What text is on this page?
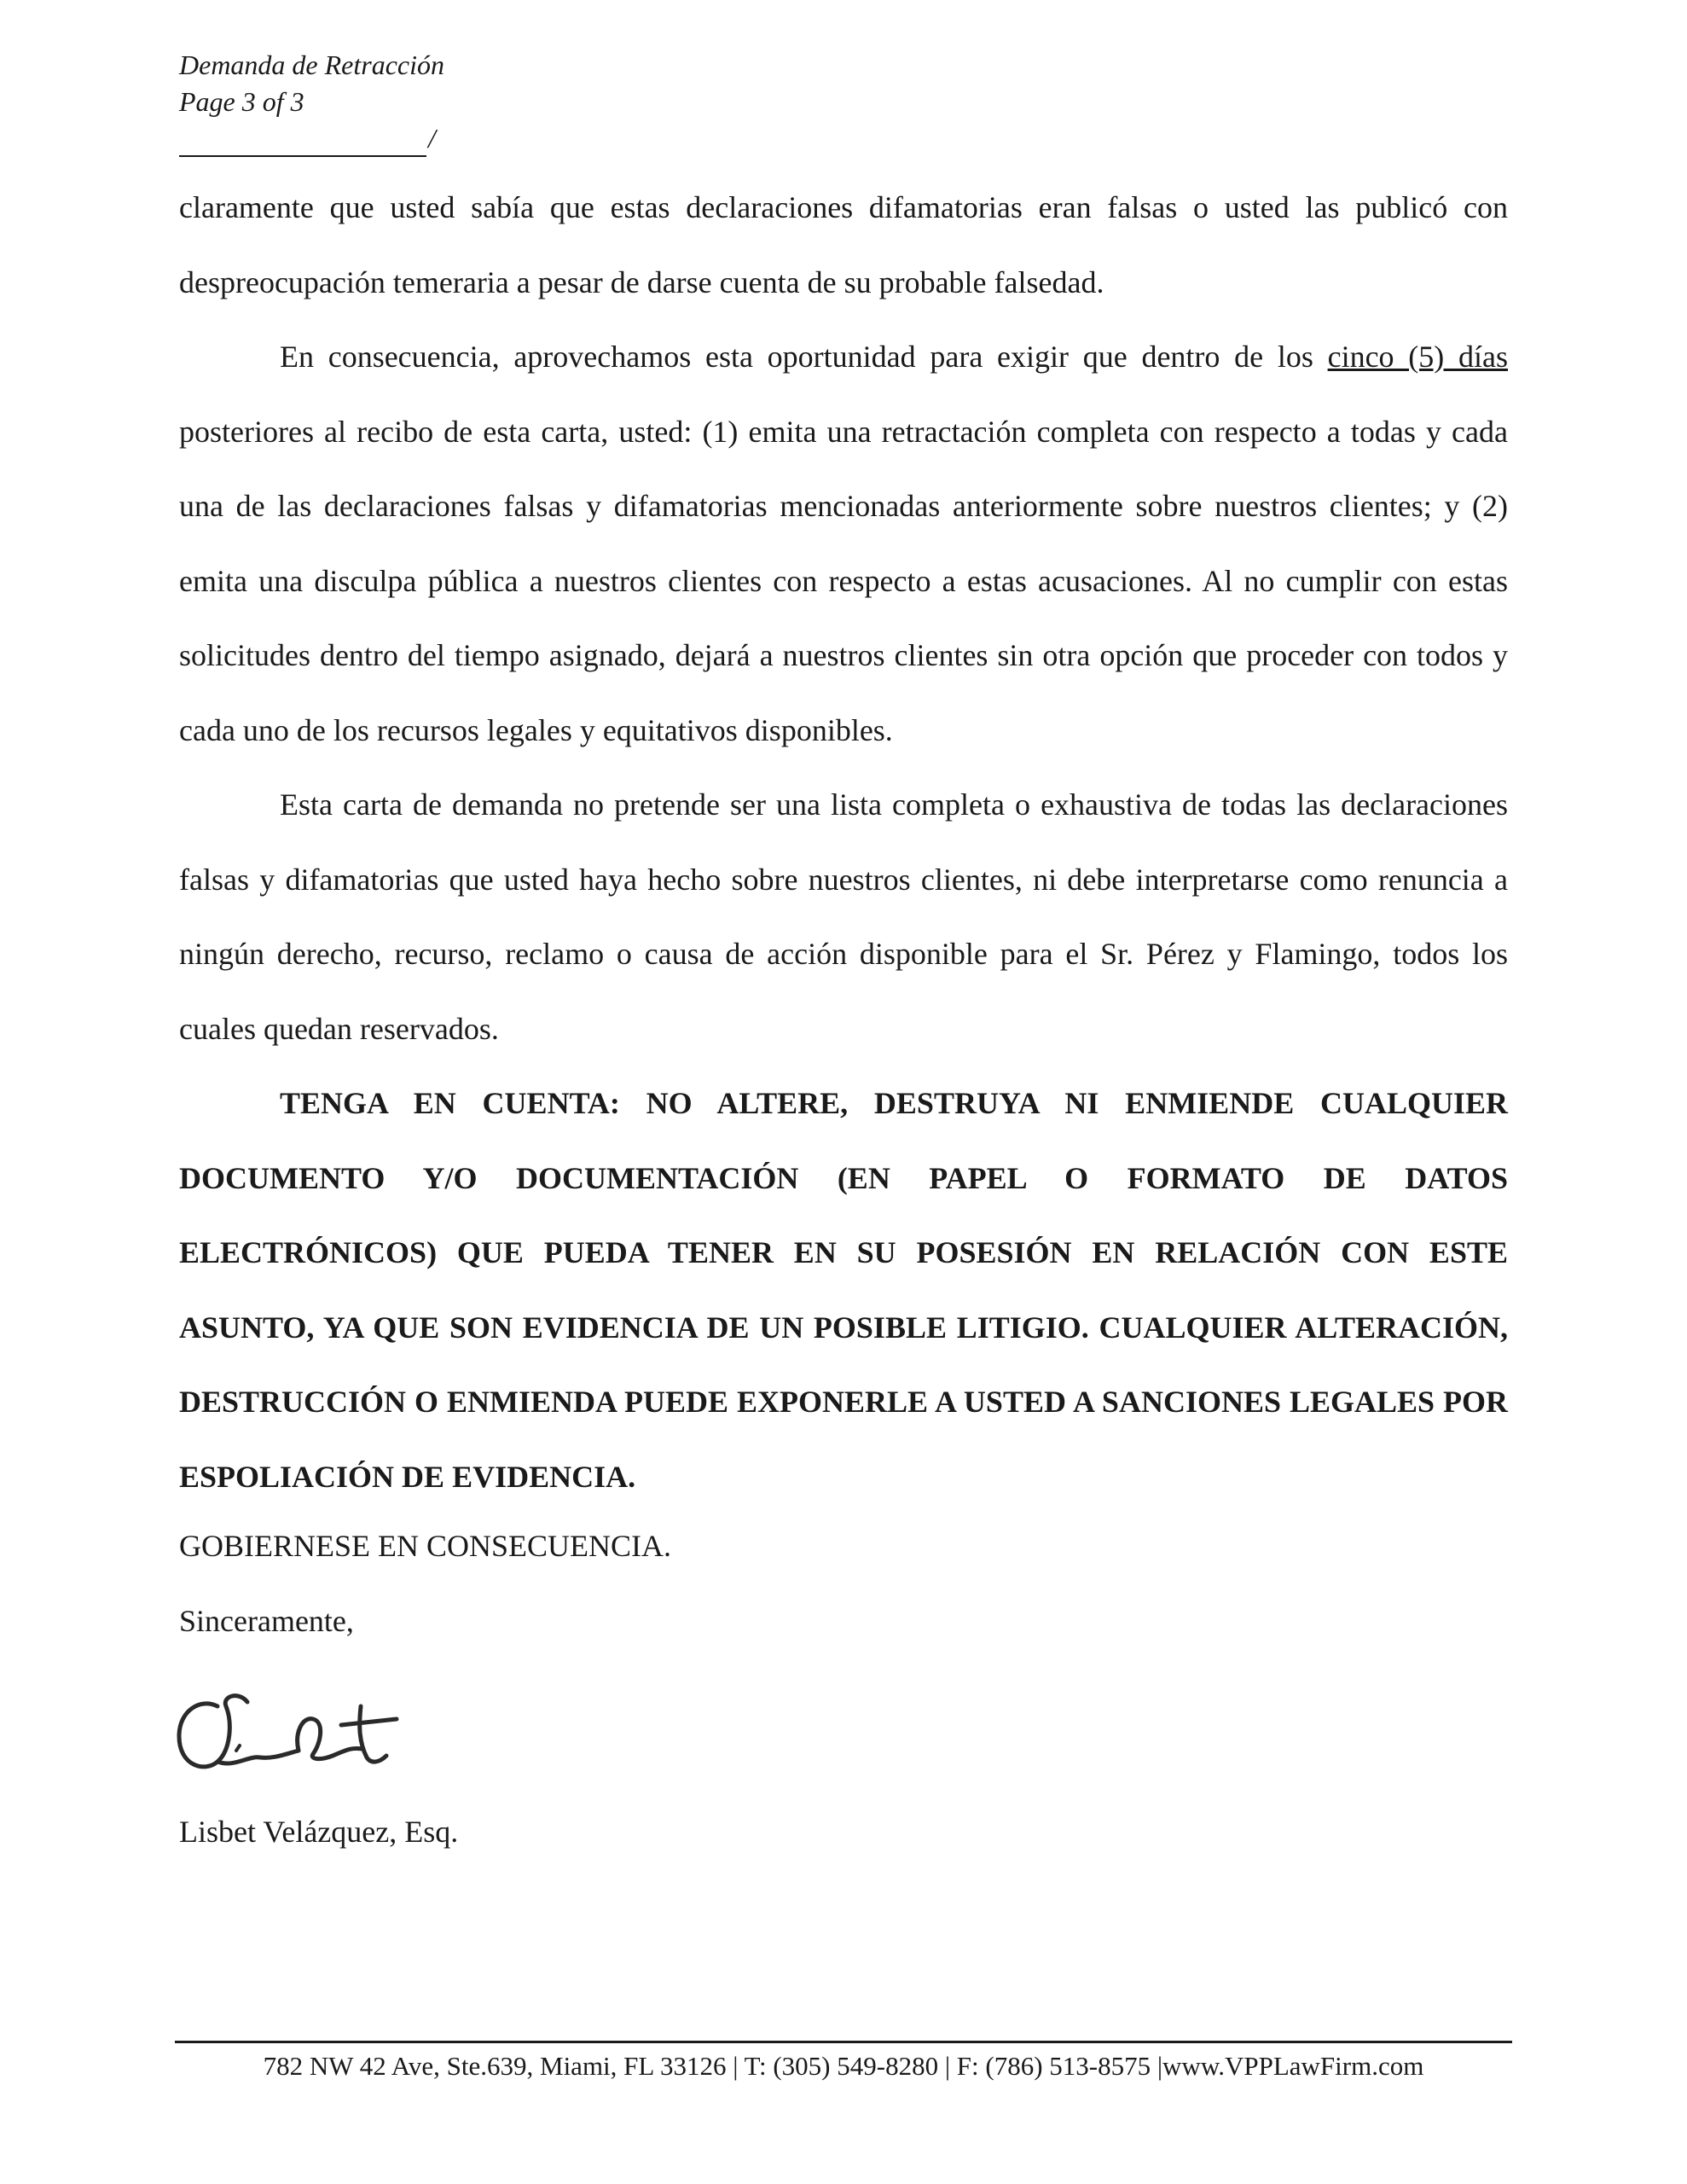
Demanda de Retracción
Page 3 of 3
/

claramente que usted sabía que estas declaraciones difamatorias eran falsas o usted las publicó con despreocupación temeraria a pesar de darse cuenta de su probable falsedad.

En consecuencia, aprovechamos esta oportunidad para exigir que dentro de los cinco (5) días posteriores al recibo de esta carta, usted: (1) emita una retractación completa con respecto a todas y cada una de las declaraciones falsas y difamatorias mencionadas anteriormente sobre nuestros clientes; y (2) emita una disculpa pública a nuestros clientes con respecto a estas acusaciones. Al no cumplir con estas solicitudes dentro del tiempo asignado, dejará a nuestros clientes sin otra opción que proceder con todos y cada uno de los recursos legales y equitativos disponibles.

Esta carta de demanda no pretende ser una lista completa o exhaustiva de todas las declaraciones falsas y difamatorias que usted haya hecho sobre nuestros clientes, ni debe interpretarse como renuncia a ningún derecho, recurso, reclamo o causa de acción disponible para el Sr. Pérez y Flamingo, todos los cuales quedan reservados.

TENGA EN CUENTA: NO ALTERE, DESTRUYA NI ENMIENDE CUALQUIER DOCUMENTO Y/O DOCUMENTACIÓN (EN PAPEL O FORMATO DE DATOS ELECTRÓNICOS) QUE PUEDA TENER EN SU POSESIÓN EN RELACIÓN CON ESTE ASUNTO, YA QUE SON EVIDENCIA DE UN POSIBLE LITIGIO. CUALQUIER ALTERACIÓN, DESTRUCCIÓN O ENMIENDA PUEDE EXPONERLE A USTED A SANCIONES LEGALES POR ESPOLIACIÓN DE EVIDENCIA.

GOBIERNESE EN CONSECUENCIA.
Sinceramente,
Lisbet Velázquez, Esq.
782 NW 42 Ave, Ste.639, Miami, FL 33126 | T: (305) 549-8280 | F: (786) 513-8575 |www.VPPLawFirm.com
